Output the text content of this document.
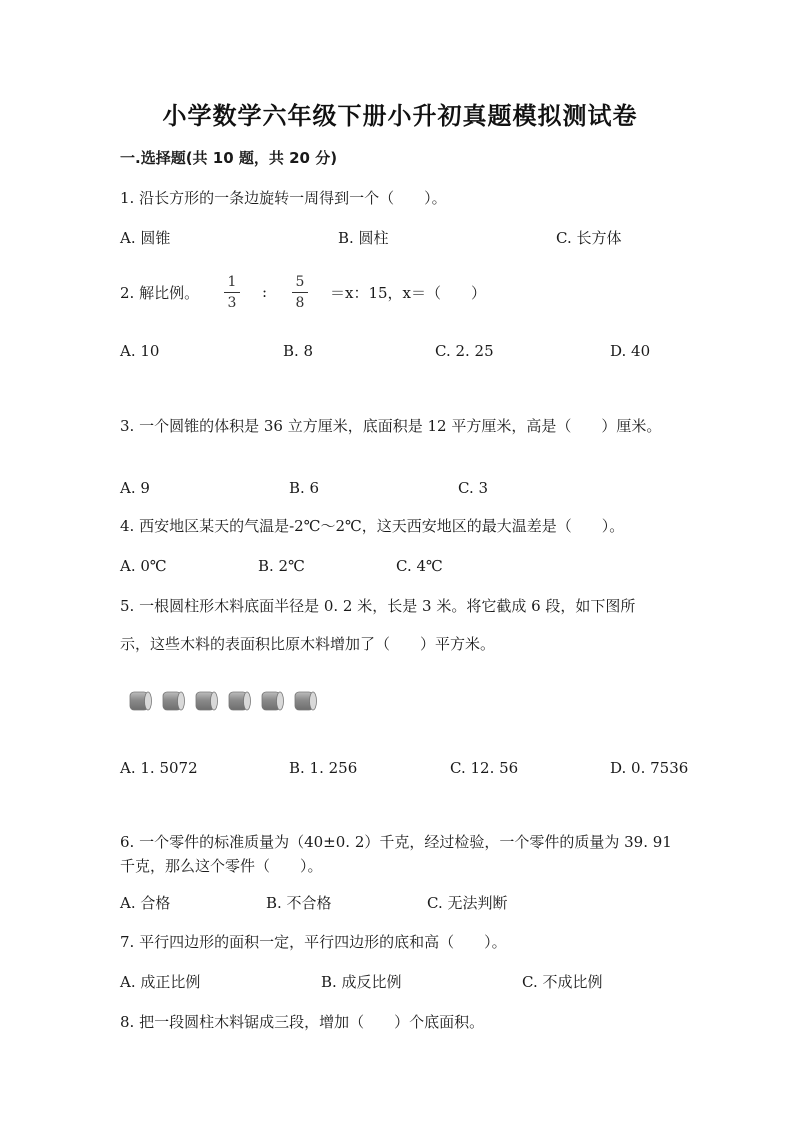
小学数学六年级下册小升初真题模拟测试卷
一.选择题(共 10 题，共 20 分)
1. 沿长方形的一条边旋转一周得到一个（　　）。
A. 圆锥	B. 圆柱	C. 长方体
2. 解比例。
1
3
:
5
8
＝x：15，x＝（　　）
A. 10	B. 8	C. 2. 25	D. 40
3. 一个圆锥的体积是 36 立方厘米，底面积是 12 平方厘米，高是（　　）厘米。
A. 9	B. 6	C. 3
4. 西安地区某天的气温是-2℃～2℃，这天西安地区的最大温差是（　　）。
A. 0℃	B. 2℃	C. 4℃
5. 一根圆柱形木料底面半径是 0. 2 米，长是 3 米。将它截成 6 段，如下图所
示，这些木料的表面积比原木料增加了（　　）平方米。
A. 1. 5072	B. 1. 256	C. 12. 56	D. 0. 7536
6. 一个零件的标准质量为（40±0. 2）千克，经过检验，一个零件的质量为 39. 91 千克，那么这个零件（　　）。
A. 合格	B. 不合格	C. 无法判断
7. 平行四边形的面积一定，平行四边形的底和高（　　）。
A. 成正比例	B. 成反比例	C. 不成比例
8. 把一段圆柱木料锯成三段，增加（　　）个底面积。
